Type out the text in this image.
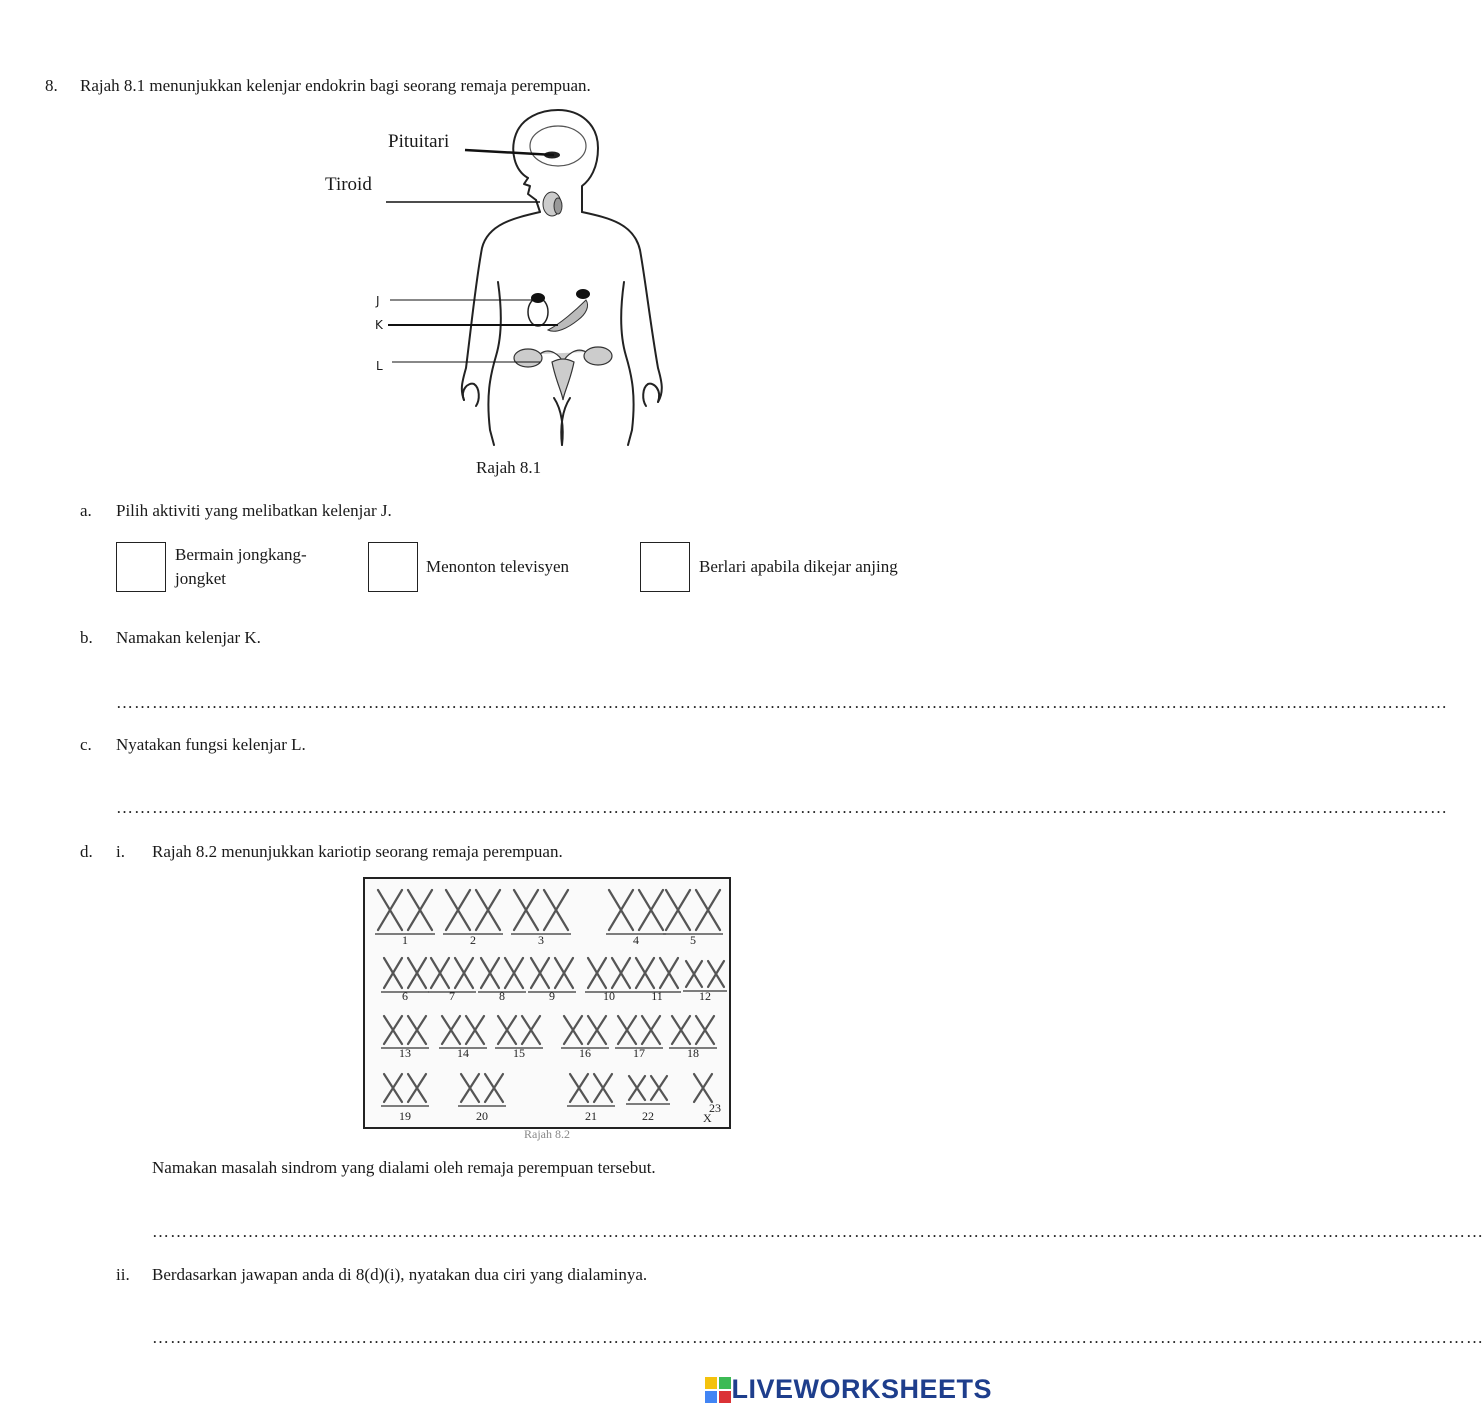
8. Rajah 8.1 menunjukkan kelenjar endokrin bagi seorang remaja perempuan.
Pituitari
Tiroid
J
K
L
Rajah 8.1
a. Pilih aktiviti yang melibatkan kelenjar J.
Bermain jongkang-
jongket
Menonton televisyen	Berlari apabila dikejar anjing
b. Namakan kelenjar K.
……………………………………………………………………………………………………………………………………………………………………………………………………
c. Nyatakan fungsi kelenjar L.
……………………………………………………………………………………………………………………………………………………………………………………………………
d. i. Rajah 8.2 menunjukkan kariotip seorang remaja perempuan.
1	2	3	4	5
6	7	8	9	10	11	12
13	14	15	16	17	18
19	20	21	22	X
23
Rajah 8.2
Namakan masalah sindrom yang dialami oleh remaja perempuan tersebut.
……………………………………………………………………………………………………………………………………………………………………………………………………
ii. Berdasarkan jawapan anda di 8(d)(i), nyatakan dua ciri yang dialaminya.
……………………………………………………………………………………………………………………………………………………………………………………………………
LIVEWORKSHEETS
